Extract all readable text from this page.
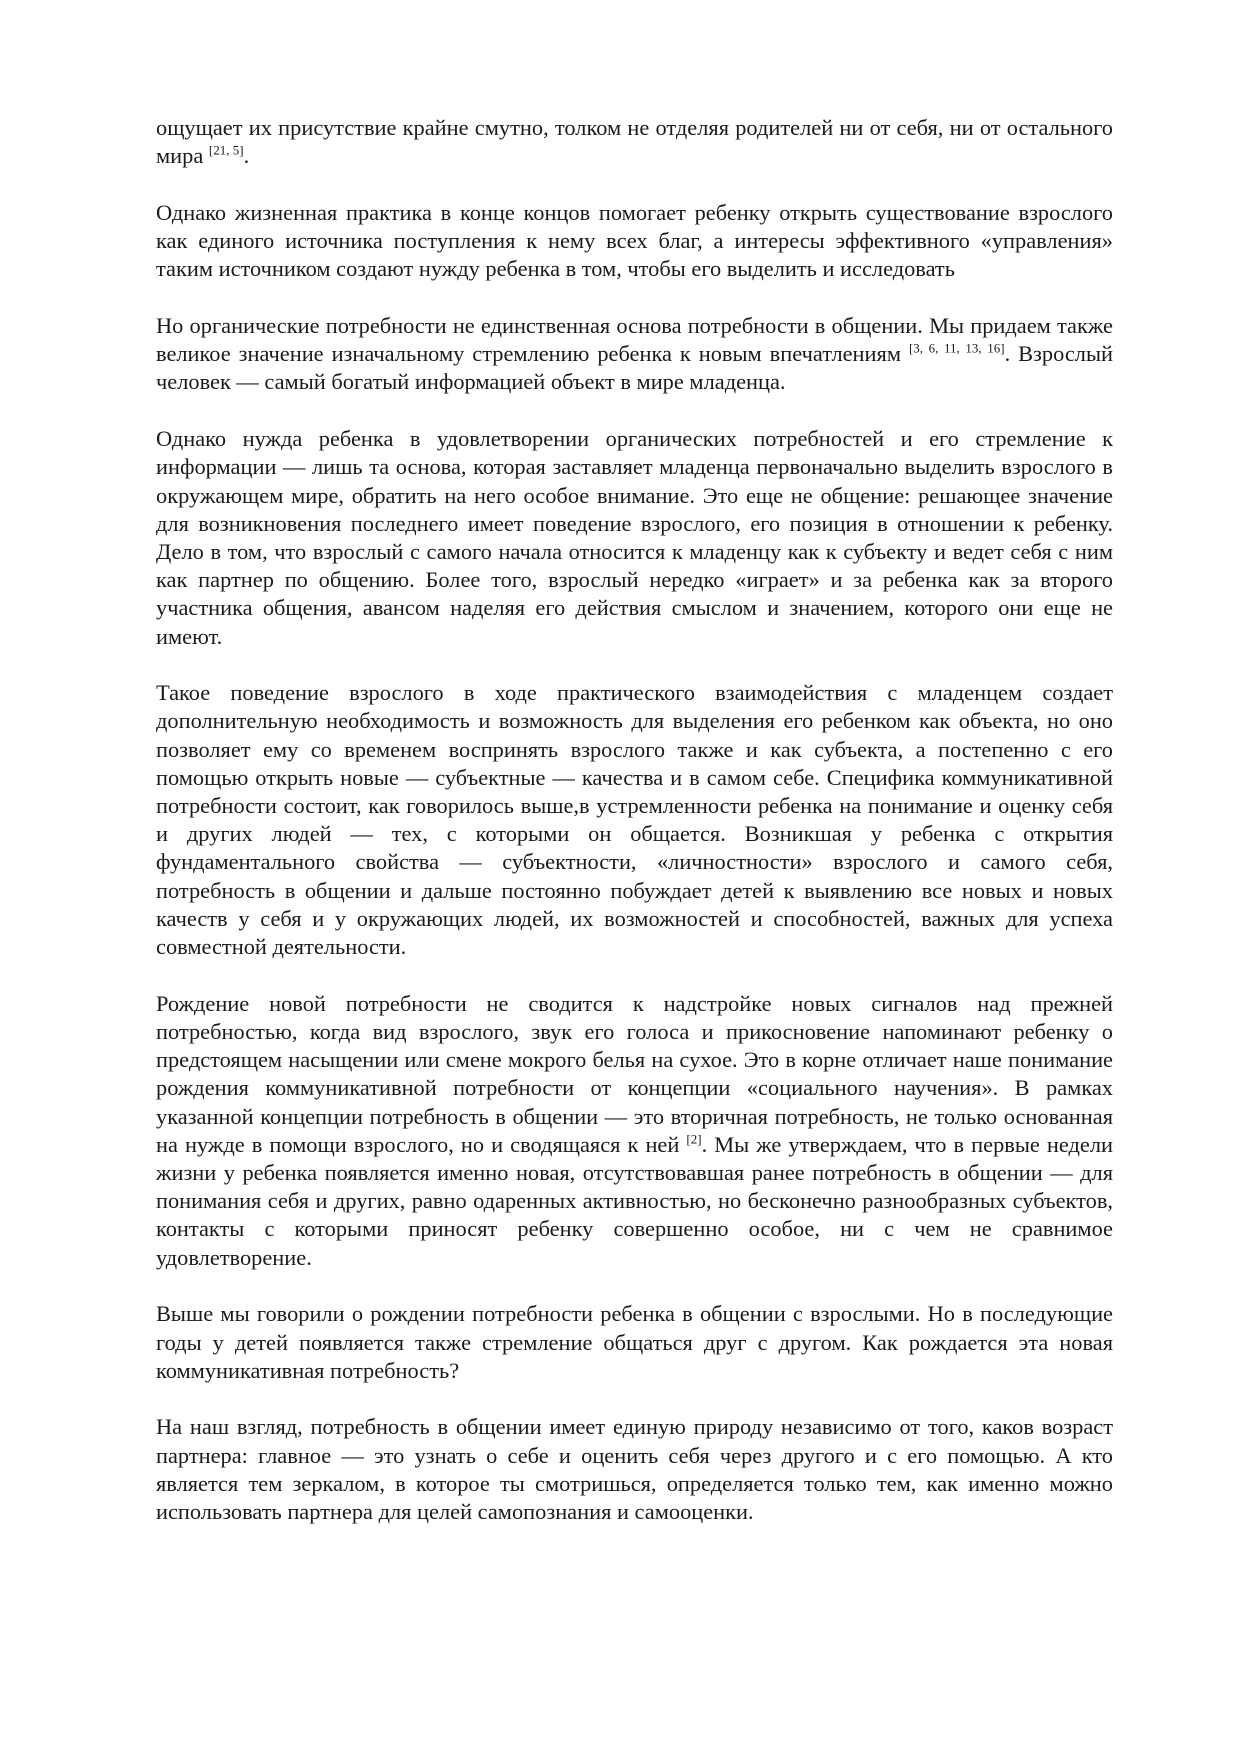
ощущает их присутствие крайне смутно, толком не отделяя родителей ни от себя, ни от остального мира [21, 5].

Однако жизненная практика в конце концов помогает ребенку открыть существование взрослого как единого источника поступления к нему всех благ, а интересы эффективного «управления» таким источником создают нужду ребенка в том, чтобы его выделить и исследовать

Но органические потребности не единственная основа потребности в общении. Мы придаем также великое значение изначальному стремлению ребенка к новым впечатлениям [3, 6, 11, 13, 16]. Взрослый человек — самый богатый информацией объект в мире младенца.

Однако нужда ребенка в удовлетворении органических потребностей и его стремление к информации — лишь та основа, которая заставляет младенца первоначально выделить взрослого в окружающем мире, обратить на него особое внимание. Это еще не общение: решающее значение для возникновения последнего имеет поведение взрослого, его позиция в отношении к ребенку. Дело в том, что взрослый с самого начала относится к младенцу как к субъекту и ведет себя с ним как партнер по общению. Более того, взрослый нередко «играет» и за ребенка как за второго участника общения, авансом наделяя его действия смыслом и значением, которого они еще не имеют.

Такое поведение взрослого в ходе практического взаимодействия с младенцем создает дополнительную необходимость и возможность для выделения его ребенком как объекта, но оно позволяет ему со временем воспринять взрослого также и как субъекта, а постепенно с его помощью открыть новые — субъектные — качества и в самом себе. Специфика коммуникативной потребности состоит, как говорилось выше,в устремленности ребенка на понимание и оценку себя и других людей — тех, с которыми он общается. Возникшая у ребенка с открытия фундаментального свойства — субъектности, «личностности» взрослого и самого себя, потребность в общении и дальше постоянно побуждает детей к выявлению все новых и новых качеств у себя и у окружающих людей, их возможностей и способностей, важных для успеха совместной деятельности.

Рождение новой потребности не сводится к надстройке новых сигналов над прежней потребностью, когда вид взрослого, звук его голоса и прикосновение напоминают ребенку о предстоящем насыщении или смене мокрого белья на сухое. Это в корне отличает наше понимание рождения коммуникативной потребности от концепции «социального научения». В рамках указанной концепции потребность в общении — это вторичная потребность, не только основанная на нужде в помощи взрослого, но и сводящаяся к ней [2]. Мы же утверждаем, что в первые недели жизни у ребенка появляется именно новая, отсутствовавшая ранее потребность в общении — для понимания себя и других, равно одаренных активностью, но бесконечно разнообразных субъектов, контакты с которыми приносят ребенку совершенно особое, ни с чем не сравнимое удовлетворение.

Выше мы говорили о рождении потребности ребенка в общении с взрослыми. Но в последующие годы у детей появляется также стремление общаться друг с другом. Как рождается эта новая коммуникативная потребность?

На наш взгляд, потребность в общении имеет единую природу независимо от того, каков возраст партнера: главное — это узнать о себе и оценить себя через другого и с его помощью. А кто является тем зеркалом, в которое ты смотришься, определяется только тем, как именно можно использовать партнера для целей самопознания и самооценки.
